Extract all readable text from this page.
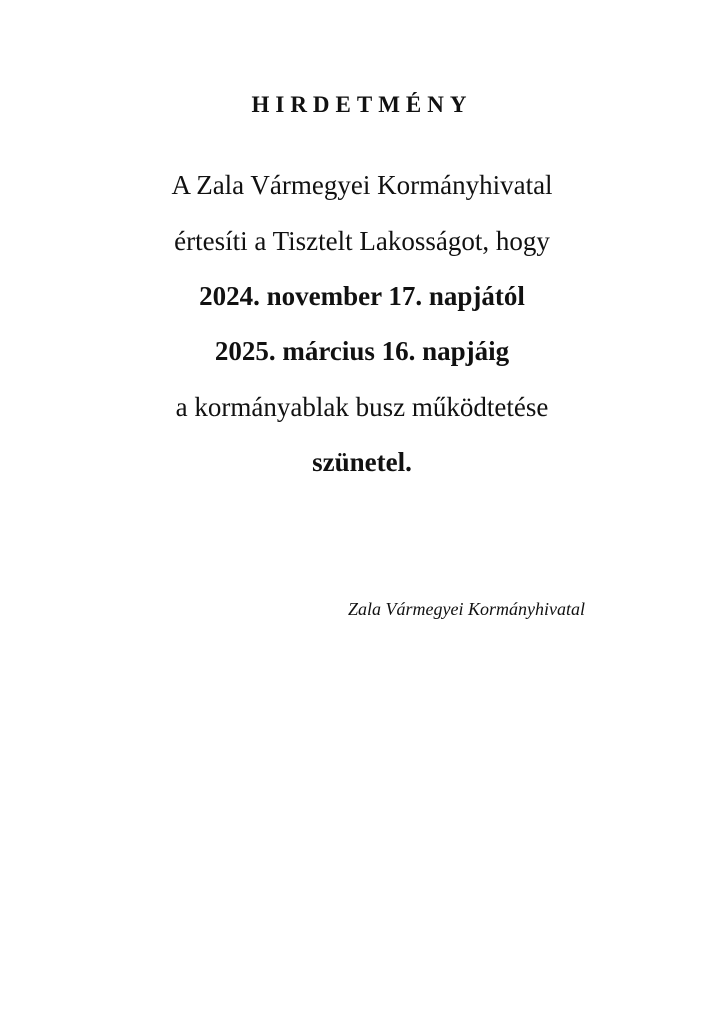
HIRDETMÉNY
A Zala Vármegyei Kormányhivatal
értesíti a Tisztelt Lakosságot, hogy
2024. november 17. napjától
2025. március 16. napjáig
a kormányablak busz működtetése
szünetel.
Zala Vármegyei Kormányhivatal
